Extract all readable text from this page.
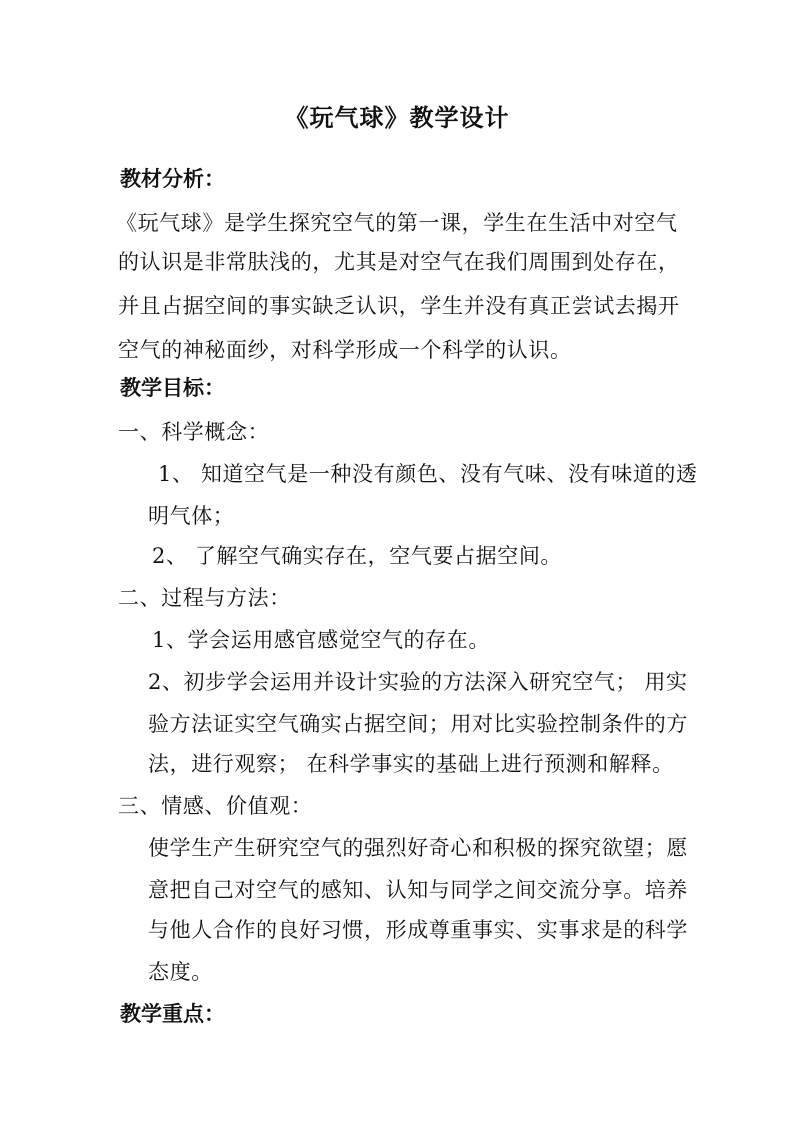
《玩气球》教学设计
教材分析：
《玩气球》是学生探究空气的第一课，学生在生活中对空气
的认识是非常肤浅的，尤其是对空气在我们周围到处存在，
并且占据空间的事实缺乏认识，学生并没有真正尝试去揭开
空气的神秘面纱，对科学形成一个科学的认识。
教学目标：
一、科学概念：
1、 知道空气是一种没有颜色、没有气味、没有味道的透
明气体；
2、 了解空气确实存在，空气要占据空间。
二、过程与方法：
1、学会运用感官感觉空气的存在。
2、初步学会运用并设计实验的方法深入研究空气； 用实
验方法证实空气确实占据空间；用对比实验控制条件的方
法，进行观察； 在科学事实的基础上进行预测和解释。
三、情感、价值观：
使学生产生研究空气的强烈好奇心和积极的探究欲望；愿
意把自己对空气的感知、认知与同学之间交流分享。培养
与他人合作的良好习惯，形成尊重事实、实事求是的科学
态度。
教学重点：
